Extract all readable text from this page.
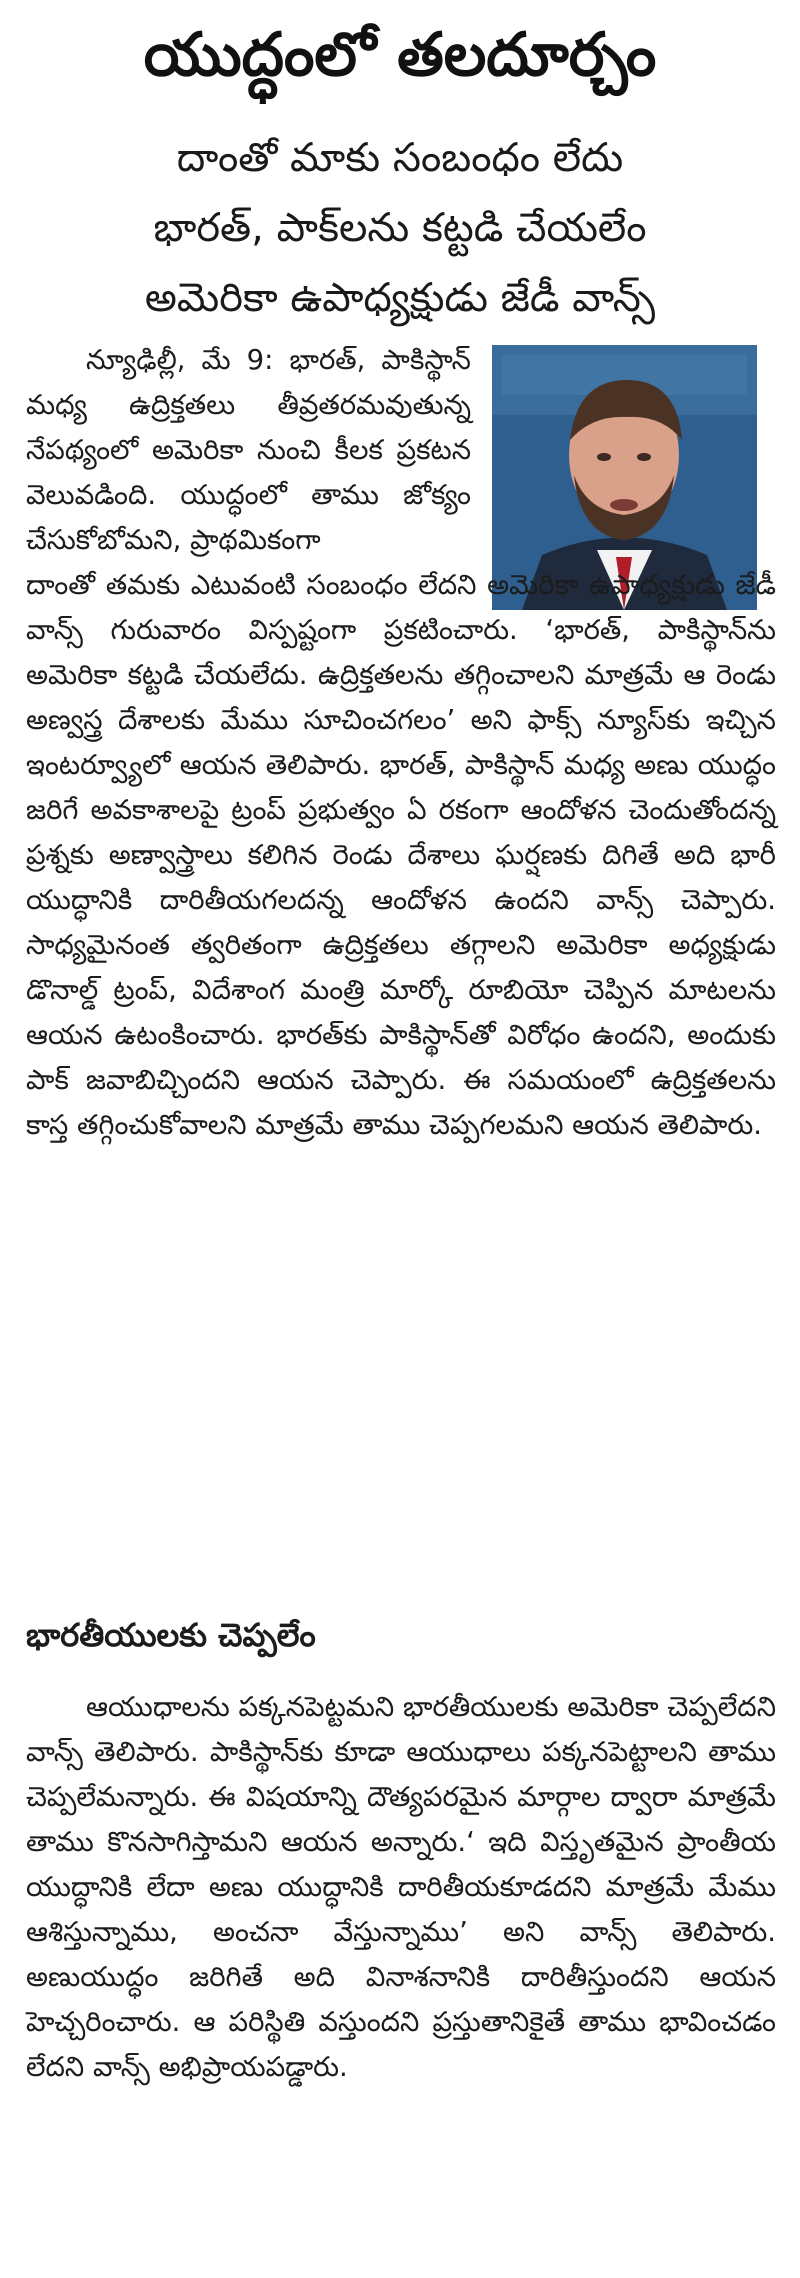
యుద్ధంలో తలదూర్చం
దాంతో మాకు సంబంధం లేదు
భారత్, పాక్‌లను కట్టడి చేయలేం
అమెరికా ఉపాధ్యక్షుడు జేడీ వాన్స్

న్యూఢిల్లీ, మే 9: భారత్, పాకిస్థాన్ మధ్య ఉద్రిక్తతలు తీవ్రతరమవుతున్న నేపథ్యంలో అమెరికా నుంచి కీలక ప్రకటన వెలువడింది. యుద్ధంలో తాము జోక్యం చేసుకోబోమని, ప్రాథమికంగా

దాంతో తమకు ఎటువంటి సంబంధం లేదని అమెరికా ఉపాధ్యక్షుడు జేడీ వాన్స్ గురువారం విస్పష్టంగా ప్రకటించారు. ‘భారత్, పాకిస్థాన్‌ను అమెరికా కట్టడి చేయలేదు. ఉద్రిక్తతలను తగ్గించాలని మాత్రమే ఆ రెండు అణ్వస్త్ర దేశాలకు మేము సూచించగలం’ అని ఫాక్స్ న్యూస్‌కు ఇచ్చిన ఇంటర్వ్యూలో ఆయన తెలిపారు. భారత్, పాకిస్థాన్ మధ్య అణు యుద్ధం జరిగే అవకాశాలపై ట్రంప్ ప్రభుత్వం ఏ రకంగా ఆందోళన చెందుతోందన్న ప్రశ్నకు అణ్వాస్త్రాలు కలిగిన రెండు దేశాలు ఘర్షణకు దిగితే అది భారీ యుద్ధానికి దారితీయగలదన్న ఆందోళన ఉందని వాన్స్ చెప్పారు. సాధ్యమైనంత త్వరితంగా ఉద్రిక్తతలు తగ్గాలని అమెరికా అధ్యక్షుడు డొనాల్డ్ ట్రంప్, విదేశాంగ మంత్రి మార్కో రూబియో చెప్పిన మాటలను ఆయన ఉటంకించారు. భారత్‌కు పాకిస్థాన్‌తో విరోధం ఉందని, అందుకు పాక్ జవాబిచ్చిందని ఆయన చెప్పారు. ఈ సమయంలో ఉద్రిక్తతలను కాస్త తగ్గించుకోవాలని మాత్రమే తాము చెప్పగలమని ఆయన తెలిపారు.

భారతీయులకు చెప్పలేం

ఆయుధాలను పక్కనపెట్టమని భారతీయులకు అమెరికా చెప్పలేదని వాన్స్ తెలిపారు. పాకిస్థాన్‌కు కూడా ఆయుధాలు పక్కనపెట్టాలని తాము చెప్పలేమన్నారు. ఈ విషయాన్ని దౌత్యపరమైన మార్గాల ద్వారా మాత్రమే తాము కొనసాగిస్తామని ఆయన అన్నారు.‘ ఇది విస్తృతమైన ప్రాంతీయ యుద్ధానికి లేదా అణు యుద్ధానికి దారితీయకూడదని మాత్రమే మేము ఆశిస్తున్నాము, అంచనా వేస్తున్నాము’ అని వాన్స్ తెలిపారు. అణుయుద్ధం జరిగితే అది వినాశనానికి దారితీస్తుందని ఆయన హెచ్చరించారు. ఆ పరిస్థితి వస్తుందని ప్రస్తుతానికైతే తాము భావించడం లేదని వాన్స్ అభిప్రాయపడ్డారు.
